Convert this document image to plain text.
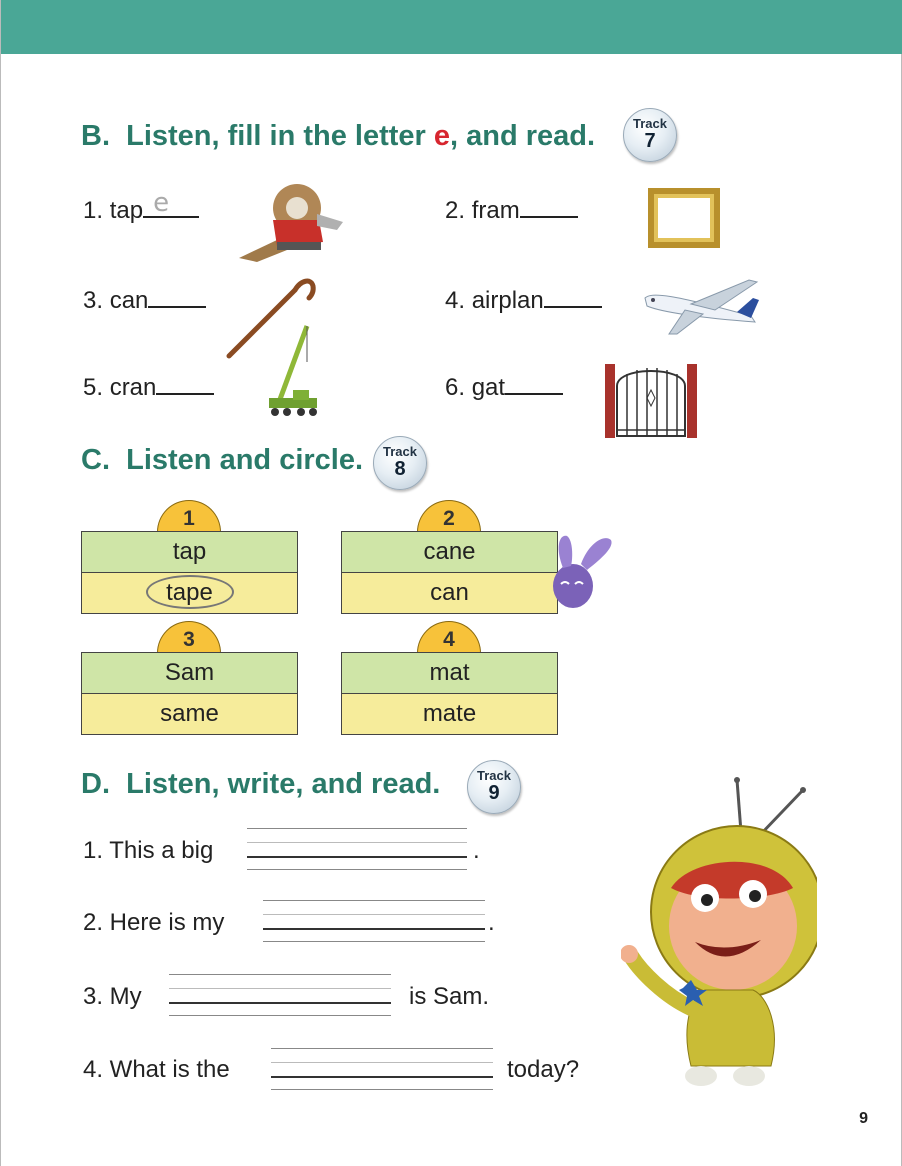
B. Listen, fill in the letter e, and read.	Track
7
1. tap e	2. fram
3. can	4. airplan
5. cran	6. gat
C. Listen and circle.	Track
8
1
tap
tape
2
cane
can
3
Sam
same
4
mat
mate
D. Listen, write, and read.	Track
9
1. This a big	.
2. Here is my	.
3. My	is Sam.
4. What is the	today?
9
